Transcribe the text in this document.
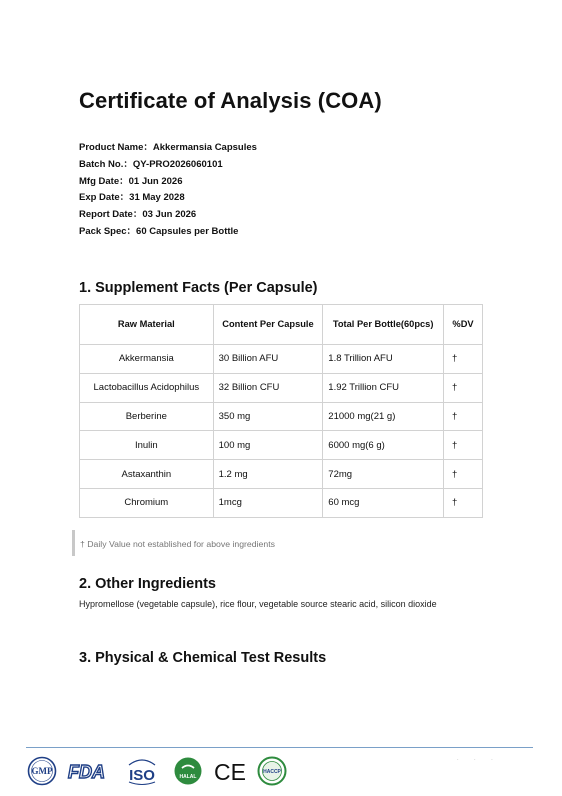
Certificate of Analysis (COA)
Product Name：Akkermansia Capsules
Batch No.：QY-PRO2026060101
Mfg Date：01 Jun 2026
Exp Date：31 May 2028
Report Date：03 Jun 2026
Pack Spec：60 Capsules per Bottle
1. Supplement Facts (Per Capsule)
Raw Material	Content Per Capsule	Total Per Bottle(60pcs)	%DV
Akkermansia	30 Billion AFU	1.8 Trillion AFU	†
Lactobacillus Acidophilus	32 Billion CFU	1.92 Trillion CFU	†
Berberine	350 mg	21000 mg(21 g)	†
Inulin	100 mg	6000 mg(6 g)	†
Astaxanthin	1.2 mg	72mg	†
Chromium	1mcg	60 mcg	†
† Daily Value not established for above ingredients
2. Other Ingredients

Hypromellose (vegetable capsule), rice flour, vegetable source stearic acid, silicon dioxide

3. Physical & Chemical Test Results
· · ·
GMP FDA ISO	HALAL CE	HACCP
